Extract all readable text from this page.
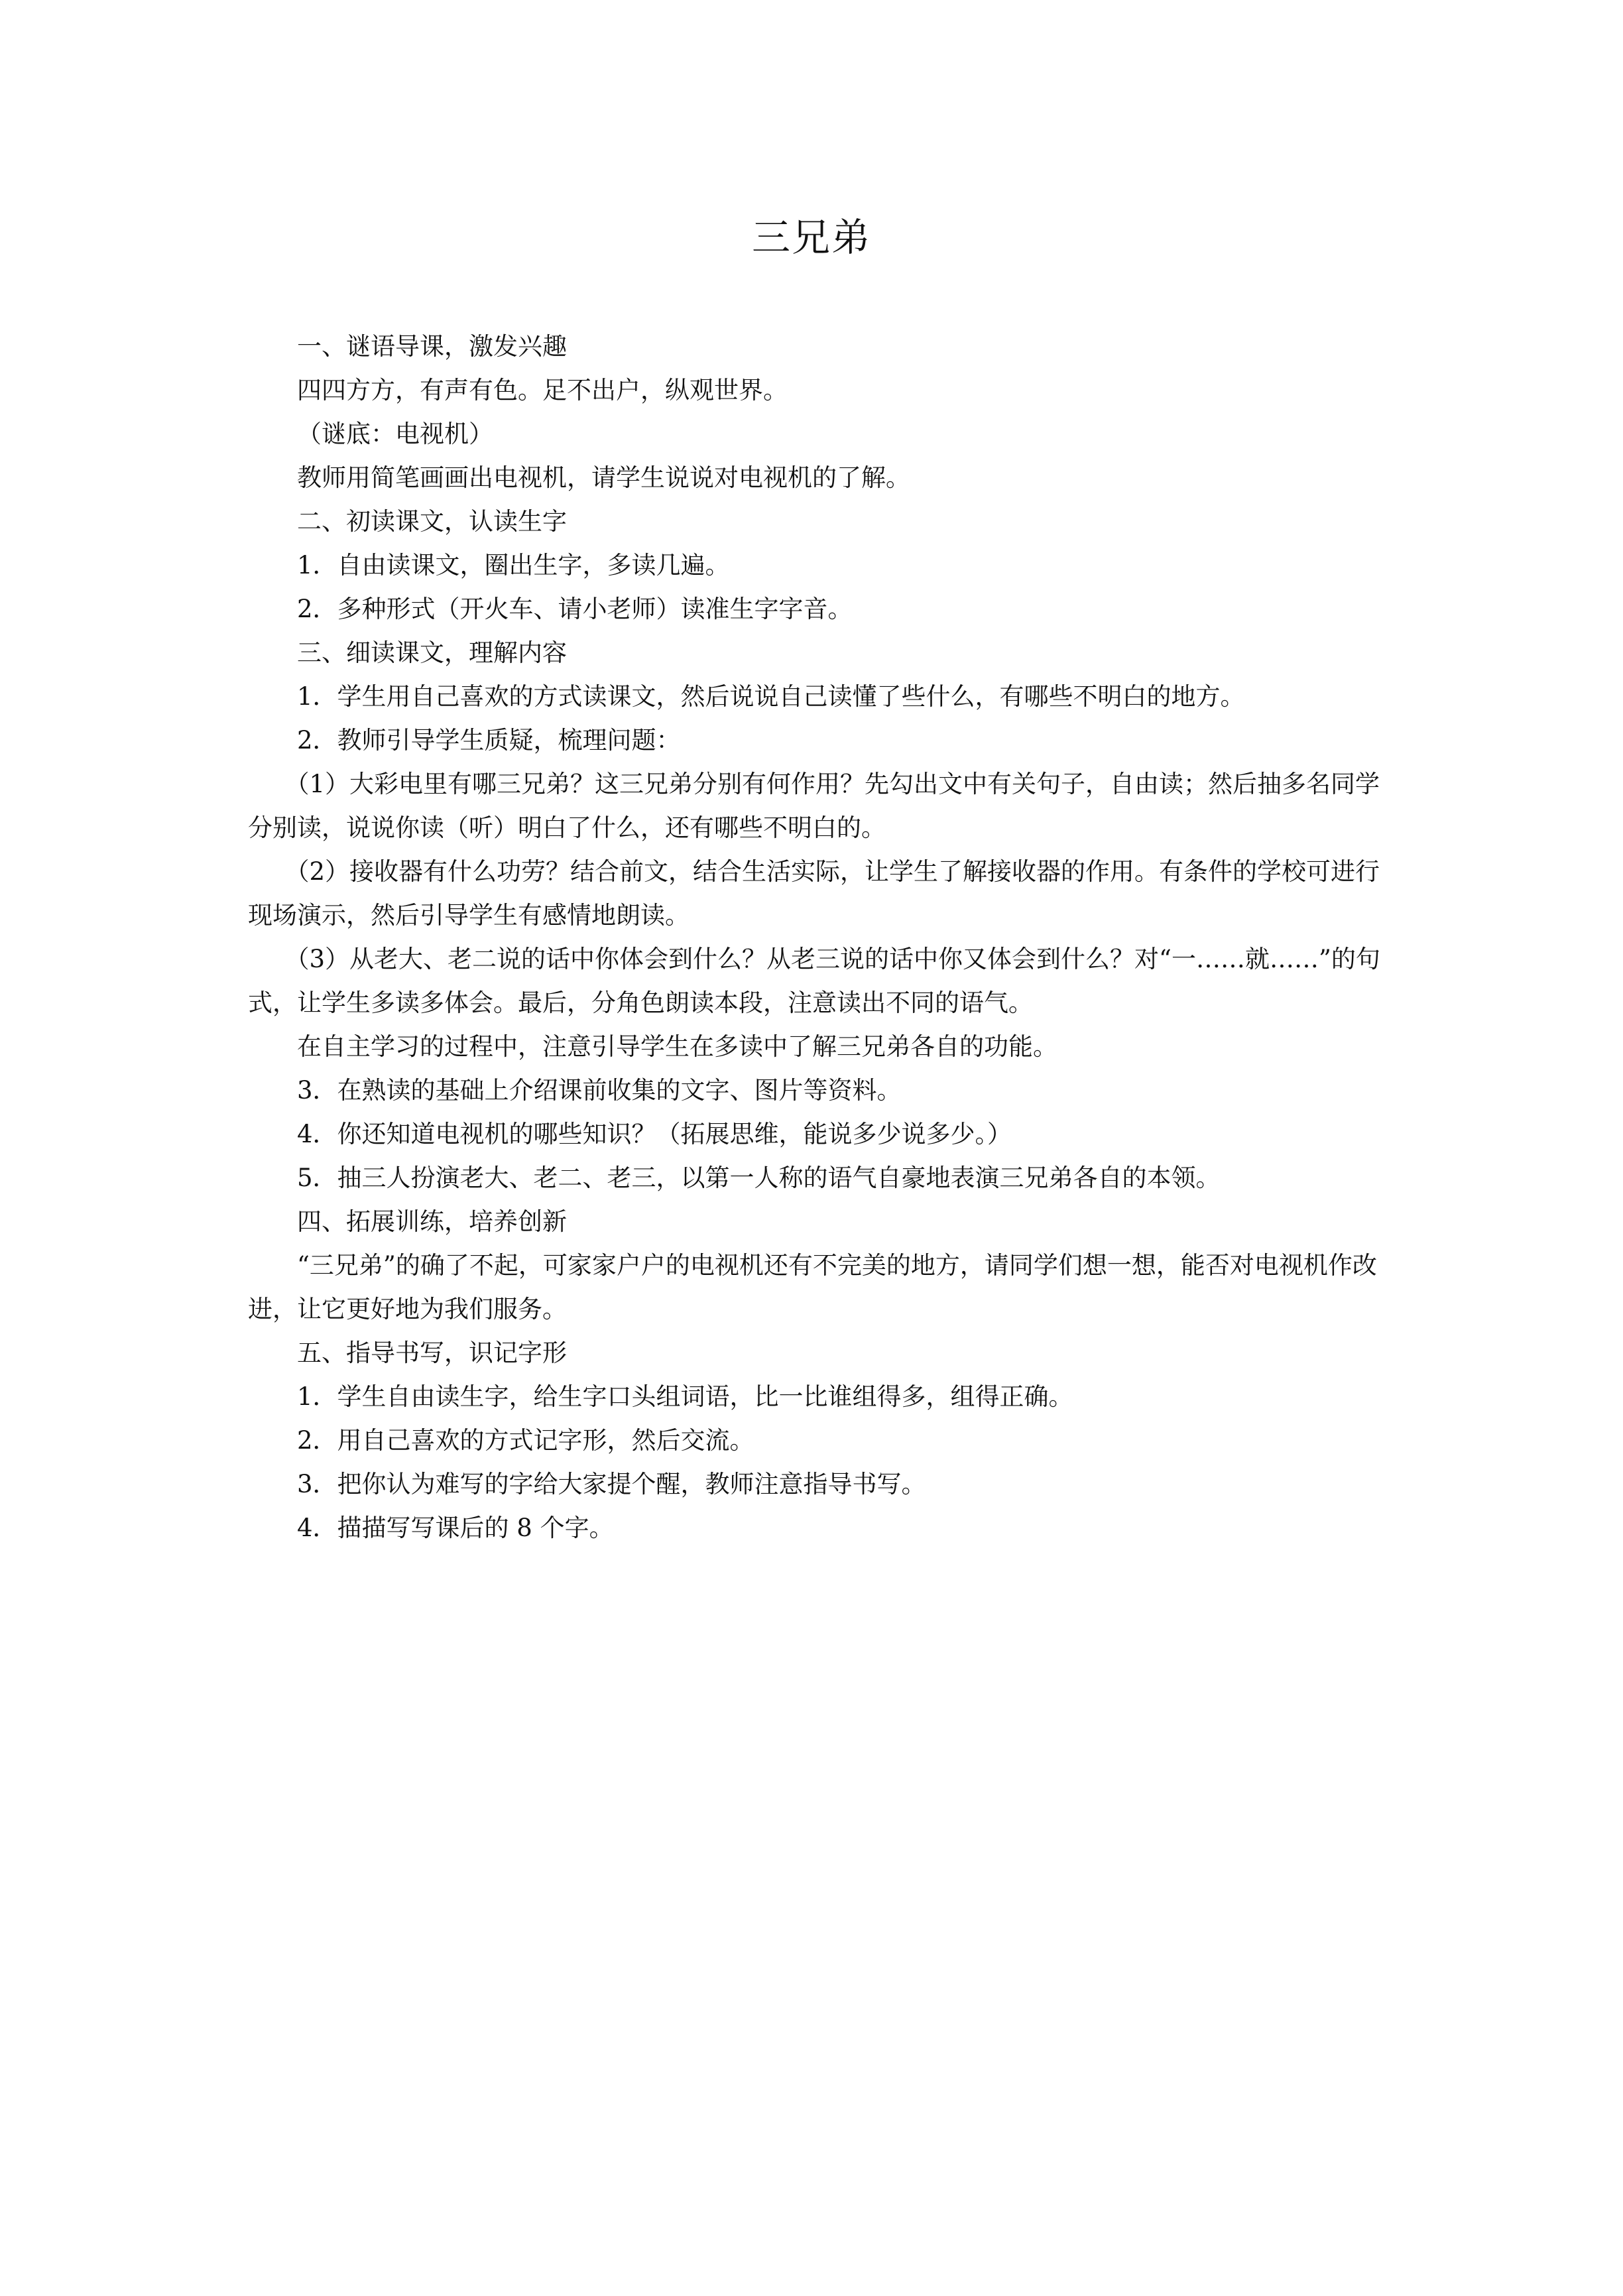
三兄弟

一、谜语导课，激发兴趣

四四方方，有声有色。足不出户，纵观世界。

（谜底：电视机）

教师用简笔画画出电视机，请学生说说对电视机的了解。

二、初读课文，认读生字

1．自由读课文，圈出生字，多读几遍。

2．多种形式（开火车、请小老师）读准生字字音。

三、细读课文，理解内容

1．学生用自己喜欢的方式读课文，然后说说自己读懂了些什么，有哪些不明白的地方。

2．教师引导学生质疑，梳理问题：

（1）大彩电里有哪三兄弟？这三兄弟分别有何作用？先勾出文中有关句子，自由读；然后抽多名同学分别读，说说你读（听）明白了什么，还有哪些不明白的。

（2）接收器有什么功劳？结合前文，结合生活实际，让学生了解接收器的作用。有条件的学校可进行现场演示，然后引导学生有感情地朗读。

（3）从老大、老二说的话中你体会到什么？从老三说的话中你又体会到什么？对“一……就……”的句式，让学生多读多体会。最后，分角色朗读本段，注意读出不同的语气。

在自主学习的过程中，注意引导学生在多读中了解三兄弟各自的功能。

3．在熟读的基础上介绍课前收集的文字、图片等资料。

4．你还知道电视机的哪些知识？（拓展思维，能说多少说多少。）

5．抽三人扮演老大、老二、老三，以第一人称的语气自豪地表演三兄弟各自的本领。

四、拓展训练，培养创新

“三兄弟”的确了不起，可家家户户的电视机还有不完美的地方，请同学们想一想，能否对电视机作改进，让它更好地为我们服务。

五、指导书写，识记字形

1．学生自由读生字，给生字口头组词语，比一比谁组得多，组得正确。

2．用自己喜欢的方式记字形，然后交流。

3．把你认为难写的字给大家提个醒，教师注意指导书写。

4．描描写写课后的 8 个字。
